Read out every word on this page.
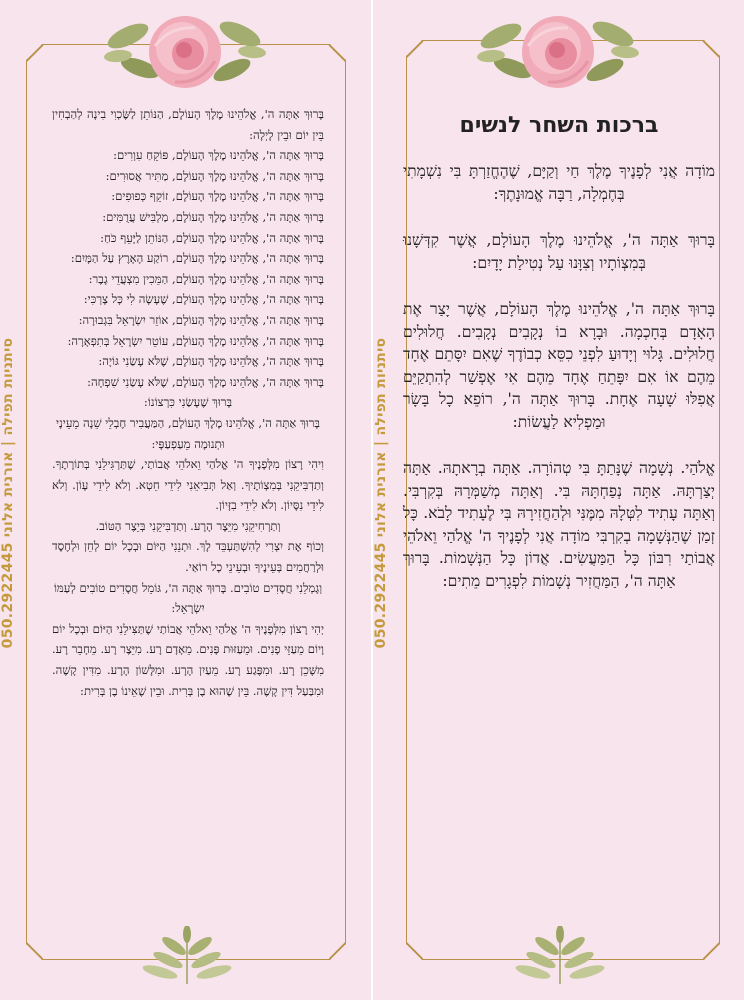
סיתניות תפילה | אורנית אלוני 050.2922445

בָּרוּךְ אַתָּה ה', אֱלֹהֵינוּ מֶלֶךְ הָעוֹלָם, הַנּוֹתֵן לַשֶּׂכְוִי בִינָה לְהַבְחִין בֵּין יוֹם וּבֵין לָיְלָה:

בָּרוּךְ אַתָּה ה', אֱלֹהֵינוּ מֶלֶךְ הָעוֹלָם, פּוֹקֵחַ עִוְרִים:

בָּרוּךְ אַתָּה ה', אֱלֹהֵינוּ מֶלֶךְ הָעוֹלָם, מַתִּיר אֲסוּרִים:

בָּרוּךְ אַתָּה ה', אֱלֹהֵינוּ מֶלֶךְ הָעוֹלָם, זוֹקֵף כְּפוּפִים:

בָּרוּךְ אַתָּה ה', אֱלֹהֵינוּ מֶלֶךְ הָעוֹלָם, מַלְבִּישׁ עֲרֻמִּים:

בָּרוּךְ אַתָּה ה', אֱלֹהֵינוּ מֶלֶךְ הָעוֹלָם, הַנּוֹתֵן לַיָּעֵף כֹּחַ:

בָּרוּךְ אַתָּה ה', אֱלֹהֵינוּ מֶלֶךְ הָעוֹלָם, רוֹקַע הָאָרֶץ עַל הַמָּיִם:

בָּרוּךְ אַתָּה ה', אֱלֹהֵינוּ מֶלֶךְ הָעוֹלָם, הַמֵּכִין מִצְעֲדֵי גָבֶר:

בָּרוּךְ אַתָּה ה', אֱלֹהֵינוּ מֶלֶךְ הָעוֹלָם, שֶׁעָשָׂה לִי כָּל צָרְכִּי:

בָּרוּךְ אַתָּה ה', אֱלֹהֵינוּ מֶלֶךְ הָעוֹלָם, אוֹזֵר יִשְׂרָאֵל בִּגְבוּרָה:

בָּרוּךְ אַתָּה ה', אֱלֹהֵינוּ מֶלֶךְ הָעוֹלָם, עוֹטֵר יִשְׂרָאֵל בְּתִפְאָרָה:

בָּרוּךְ אַתָּה ה', אֱלֹהֵינוּ מֶלֶךְ הָעוֹלָם, שֶׁלֹּא עָשַׂנִי גּוֹיָה:

בָּרוּךְ אַתָּה ה', אֱלֹהֵינוּ מֶלֶךְ הָעוֹלָם, שֶׁלֹּא עָשַׂנִי שִׁפְחָה:

בָּרוּךְ שֶׁעָשַׂנִי כִּרְצוֹנוֹ:

בָּרוּךְ אַתָּה ה', אֱלֹהֵינוּ מֶלֶךְ הָעוֹלָם, הַמַּעֲבִיר חֶבְלֵי שֵׁנָה מֵעֵינָי וּתְנוּמָה מֵעַפְעַפָּי:

וִיהִי רָצוֹן מִלְּפָנֶיךָ ה' אֱלֹהַי וֵאלֹהֵי אֲבוֹתַי, שֶׁתַּרְגִּילֵנִי בְּתוֹרָתֶךָ. וְתַדְבִּיקֵנִי בְּמִצְוֹתֶיךָ. וְאַל תְּבִיאֵנִי לִידֵי חֵטְא. וְלֹא לִידֵי עָוֹן. וְלֹא לִידֵי נִסָּיוֹן. וְלֹא לִידֵי בִזָּיוֹן.

וְתַרְחִיקֵנִי מִיֵּצֶר הָרָע. וְתַדְבִּיקֵנִי בְּיֵצֶר הַטּוֹב.

וְכוֹף אֶת יִצְרִי לְהִשְׁתַּעְבֵּד לָךְ. וּתְנֵנִי הַיּוֹם וּבְכָל יוֹם לְחֵן וּלְחֶסֶד וּלְרַחֲמִים בְּעֵינֶיךָ וּבְעֵינֵי כָל רוֹאַי.

וְגָמְלֵנִי חֲסָדִים טוֹבִים. בָּרוּךְ אַתָּה ה', גּוֹמֵל חֲסָדִים טוֹבִים לְעַמּוֹ יִשְׂרָאֵל:

יְהִי רָצוֹן מִלְּפָנֶיךָ ה' אֱלֹהַי וֵאלֹהֵי אֲבוֹתַי שֶׁתַּצִּילֵנִי הַיּוֹם וּבְכָל יוֹם וָיוֹם מֵעַזֵּי פָנִים. וּמֵעַזּוּת פָּנִים. מֵאָדָם רָע. מִיֵּצֶר רָע. מֵחָבֵר רָע. מִשָּׁכֵן רָע. וּמִפֶּגַע רָע. מֵעַיִן הָרָע. וּמִלָּשׁוֹן הָרָע. מִדִּין קָשֶׁה. וּמִבַּעַל דִּין קָשֶׁה. בֵּין שֶׁהוּא בֶן בְּרִית. וּבֵין שֶׁאֵינוֹ בֶן בְּרִית:

סיתניות תפילה | אורנית אלוני 050.2922445
ברכות השחר לנשים

מוֹדָה אֲנִי לְפָנֶיךָ מֶלֶךְ חַי וְקַיָּם, שֶׁהֶחֱזַרְתָּ בִּי נִשְׁמָתִי בְּחֶמְלָה, רַבָּה אֱמוּנָתֶךָ:

בָּרוּךְ אַתָּה ה', אֱלֹהֵינוּ מֶלֶךְ הָעוֹלָם, אֲשֶׁר קִדְּשָׁנוּ בְּמִצְוֹתָיו וְצִוָּנוּ עַל נְטִילַת יָדָיִם:

בָּרוּךְ אַתָּה ה', אֱלֹהֵינוּ מֶלֶךְ הָעוֹלָם, אֲשֶׁר יָצַר אֶת הָאָדָם בְּחָכְמָה. וּבָרָא בוֹ נְקָבִים נְקָבִים. חֲלוּלִים חֲלוּלִים. גָּלוּי וְיָדוּעַ לִפְנֵי כִסֵּא כְבוֹדֶךָ שֶׁאִם יִסָּתֵם אֶחָד מֵהֶם אוֹ אִם יִפָּתֵחַ אֶחָד מֵהֶם אִי אֶפְשַׁר לְהִתְקַיֵּם אֲפִלּוּ שָׁעָה אֶחָת. בָּרוּךְ אַתָּה ה', רוֹפֵא כָל בָּשָׂר וּמַפְלִיא לַעֲשׂוֹת:

אֱלֹהַי. נְשָׁמָה שֶׁנָּתַתָּ בִּי טְהוֹרָה. אַתָּה בְרָאתָהּ. אַתָּה יְצַרְתָּהּ. אַתָּה נְפַחְתָּהּ בִּי. וְאַתָּה מְשַׁמְּרָהּ בְּקִרְבִּי. וְאַתָּה עָתִיד לִטְּלָהּ מִמֶּנִּי וּלְהַחֲזִירָהּ בִּי לֶעָתִיד לָבֹא. כָּל זְמַן שֶׁהַנְּשָׁמָה בְקִרְבִּי מוֹדָה אֲנִי לְפָנֶיךָ ה' אֱלֹהַי וֵאלֹהֵי אֲבוֹתַי רִבּוֹן כָּל הַמַּעֲשִׂים. אֲדוֹן כָּל הַנְּשָׁמוֹת. בָּרוּךְ אַתָּה ה', הַמַּחֲזִיר נְשָׁמוֹת לִפְגָרִים מֵתִים:
